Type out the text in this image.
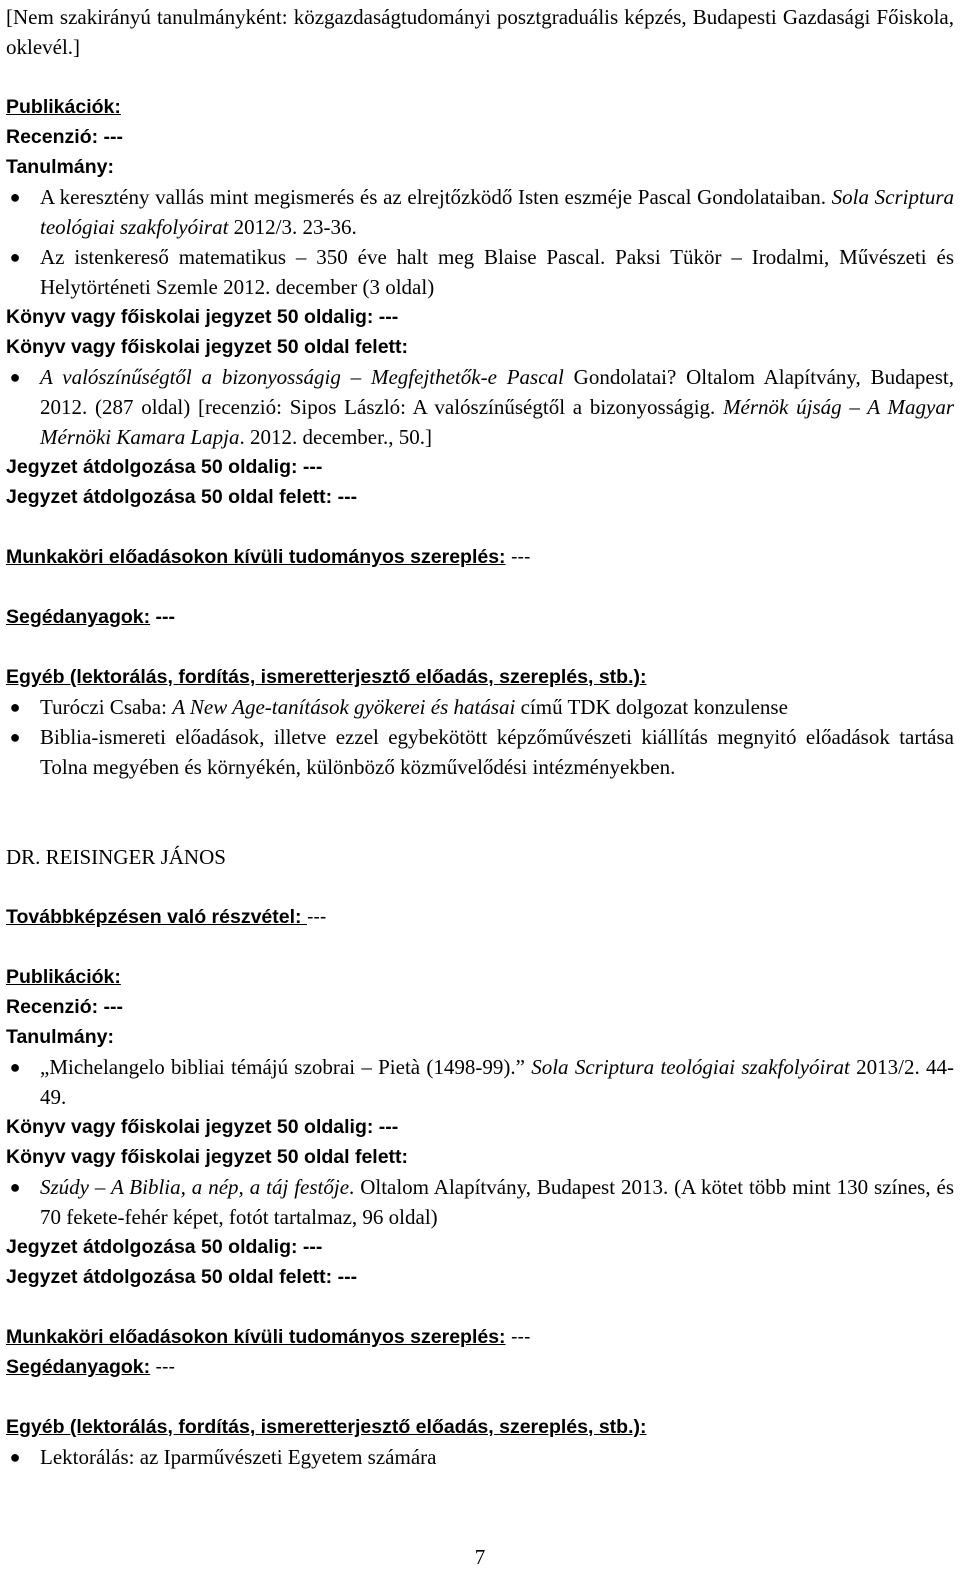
[Nem szakirányú tanulmányként: közgazdaságtudományi posztgraduális képzés, Budapesti Gazdasági Főiskola, oklevél.]

Publikációk:

Recenzió: ---

Tanulmány:

● A keresztény vallás mint megismerés és az elrejtőzködő Isten eszméje Pascal Gondolataiban. Sola Scriptura teológiai szakfolyóirat 2012/3. 23-36.
● Az istenkereső matematikus – 350 éve halt meg Blaise Pascal. Paksi Tükör – Irodalmi, Művészeti és Helytörténeti Szemle 2012. december (3 oldal)

Könyv vagy főiskolai jegyzet 50 oldalig: ---

Könyv vagy főiskolai jegyzet 50 oldal felett:

● A valószínűségtől a bizonyosságig – Megfejthetők-e Pascal Gondolatai? Oltalom Alapítvány, Budapest, 2012. (287 oldal) [recenzió: Sipos László: A valószínűségtől a bizonyosságig. Mérnök újság – A Magyar Mérnöki Kamara Lapja. 2012. december., 50.]

Jegyzet átdolgozása 50 oldalig: ---

Jegyzet átdolgozása 50 oldal felett: ---

Munkaköri előadásokon kívüli tudományos szereplés: ---

Segédanyagok: ---

Egyéb (lektorálás, fordítás, ismeretterjesztő előadás, szereplés, stb.):

● Turóczi Csaba: A New Age-tanítások gyökerei és hatásai című TDK dolgozat konzulense
● Biblia-ismereti előadások, illetve ezzel egybekötött képzőművészeti kiállítás megnyitó előadások tartása Tolna megyében és környékén, különböző közművelődési intézményekben.

DR. REISINGER JÁNOS

Továbbképzésen való részvétel: ---

Publikációk:

Recenzió: ---

Tanulmány:

● „Michelangelo bibliai témájú szobrai – Pietà (1498-99).” Sola Scriptura teológiai szakfolyóirat 2013/2. 44-49.

Könyv vagy főiskolai jegyzet 50 oldalig: ---

Könyv vagy főiskolai jegyzet 50 oldal felett:

● Szúdy – A Biblia, a nép, a táj festője. Oltalom Alapítvány, Budapest 2013. (A kötet több mint 130 színes, és 70 fekete-fehér képet, fotót tartalmaz, 96 oldal)

Jegyzet átdolgozása 50 oldalig: ---

Jegyzet átdolgozása 50 oldal felett: ---

Munkaköri előadásokon kívüli tudományos szereplés: ---

Segédanyagok: ---

Egyéb (lektorálás, fordítás, ismeretterjesztő előadás, szereplés, stb.):

● Lektorálás: az Iparművészeti Egyetem számára
7
